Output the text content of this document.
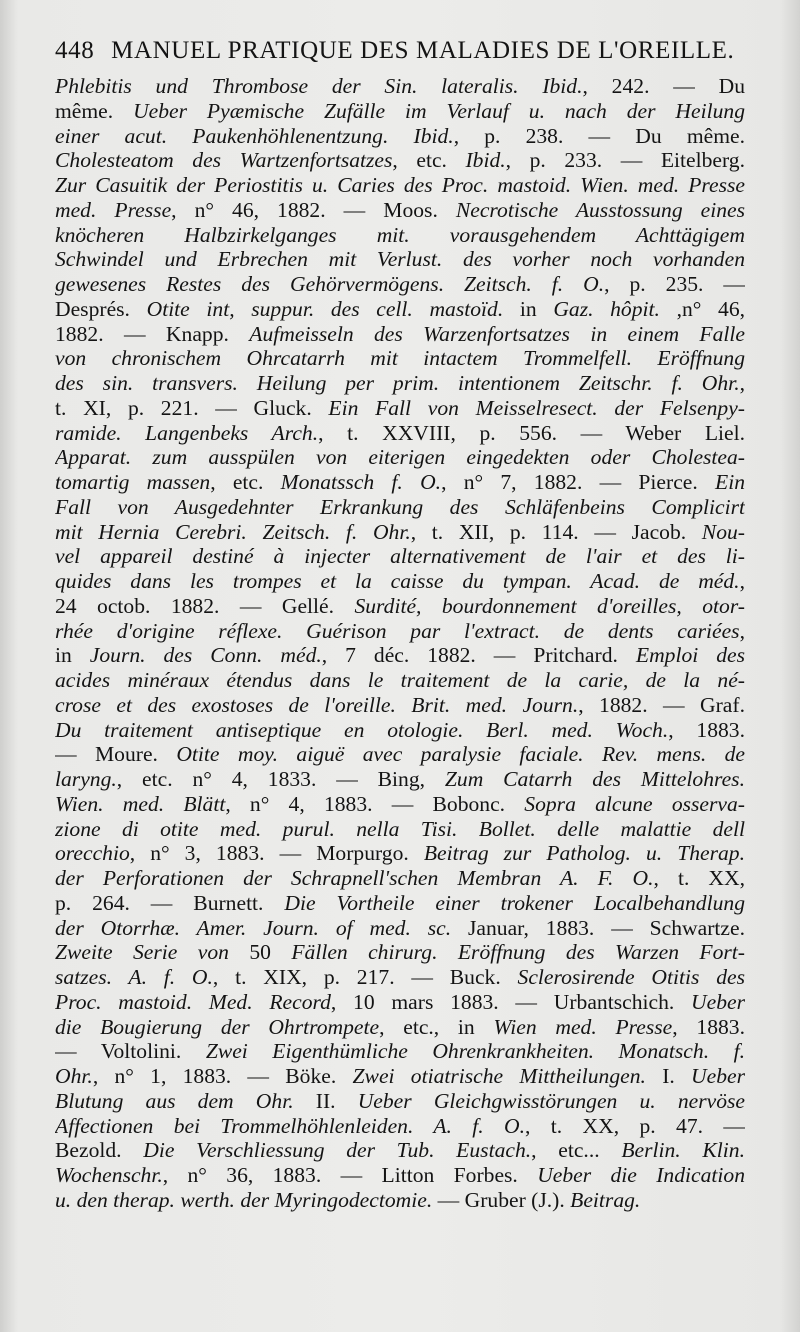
448 MANUEL PRATIQUE DES MALADIES DE L'OREILLE.
Phlebitis und Thrombose der Sin. lateralis. Ibid., 242. — Du
même. Ueber Pyæmische Zufälle im Verlauf u. nach der Heilung
einer acut. Paukenhöhlenentzung. Ibid., p. 238. — Du même.
Cholesteatom des Wartzenfortsatzes, etc. Ibid., p. 233. — Eitelberg.
Zur Casuitik der Periostitis u. Caries des Proc. mastoid. Wien. med. Presse
med. Presse, n° 46, 1882. — Moos. Necrotische Ausstossung eines
knöcheren Halbzirkelganges mit. vorausgehendem Achttägigem
Schwindel und Erbrechen mit Verlust. des vorher noch vorhanden
gewesenes Restes des Gehörvermögens. Zeitsch. f. O., p. 235. —
Després. Otite int, suppur. des cell. mastoïd. in Gaz. hôpit. ,n° 46,
1882. — Knapp. Aufmeisseln des Warzenfortsatzes in einem Falle
von chronischem Ohrcatarrh mit intactem Trommelfell. Eröffnung
des sin. transvers. Heilung per prim. intentionem Zeitschr. f. Ohr.,
t. XI, p. 221. — Gluck. Ein Fall von Meisselresect. der Felsenpy-
ramide. Langenbeks Arch., t. XXVIII, p. 556. — Weber Liel.
Apparat. zum ausspülen von eiterigen eingedekten oder Cholestea-
tomartig massen, etc. Monatssch f. O., n° 7, 1882. — Pierce. Ein
Fall von Ausgedehnter Erkrankung des Schläfenbeins Complicirt
mit Hernia Cerebri. Zeitsch. f. Ohr., t. XII, p. 114. — Jacob. Nou-
vel appareil destiné à injecter alternativement de l'air et des li-
quides dans les trompes et la caisse du tympan. Acad. de méd.,
24 octob. 1882. — Gellé. Surdité, bourdonnement d'oreilles, otor-
rhée d'origine réflexe. Guérison par l'extract. de dents cariées,
in Journ. des Conn. méd., 7 déc. 1882. — Pritchard. Emploi des
acides minéraux étendus dans le traitement de la carie, de la né-
crose et des exostoses de l'oreille. Brit. med. Journ., 1882. — Graf.
Du traitement antiseptique en otologie. Berl. med. Woch., 1883.
— Moure. Otite moy. aiguë avec paralysie faciale. Rev. mens. de
laryng., etc. n° 4, 1833. — Bing, Zum Catarrh des Mittelohres.
Wien. med. Blätt, n° 4, 1883. — Bobonc. Sopra alcune osserva-
zione di otite med. purul. nella Tisi. Bollet. delle malattie dell
orecchio, n° 3, 1883. — Morpurgo. Beitrag zur Patholog. u. Therap.
der Perforationen der Schrapnell'schen Membran A. F. O., t. XX,
p. 264. — Burnett. Die Vortheile einer trokener Localbehandlung
der Otorrhæ. Amer. Journ. of med. sc. Januar, 1883. — Schwartze.
Zweite Serie von 50 Fällen chirurg. Eröffnung des Warzen Fort-
satzes. A. f. O., t. XIX, p. 217. — Buck. Sclerosirende Otitis des
Proc. mastoid. Med. Record, 10 mars 1883. — Urbantschich. Ueber
die Bougierung der Ohrtrompete, etc., in Wien med. Presse, 1883.
— Voltolini. Zwei Eigenthümliche Ohrenkrankheiten. Monatsch. f.
Ohr., n° 1, 1883. — Böke. Zwei otiatrische Mittheilungen. I. Ueber
Blutung aus dem Ohr. II. Ueber Gleichgwisstörungen u. nervöse
Affectionen bei Trommelhöhlenleiden. A. f. O., t. XX, p. 47. —
Bezold. Die Verschliessung der Tub. Eustach., etc... Berlin. Klin.
Wochenschr., n° 36, 1883. — Litton Forbes. Ueber die Indication
u. den therap. werth. der Myringodectomie. — Gruber (J.). Beitrag.
